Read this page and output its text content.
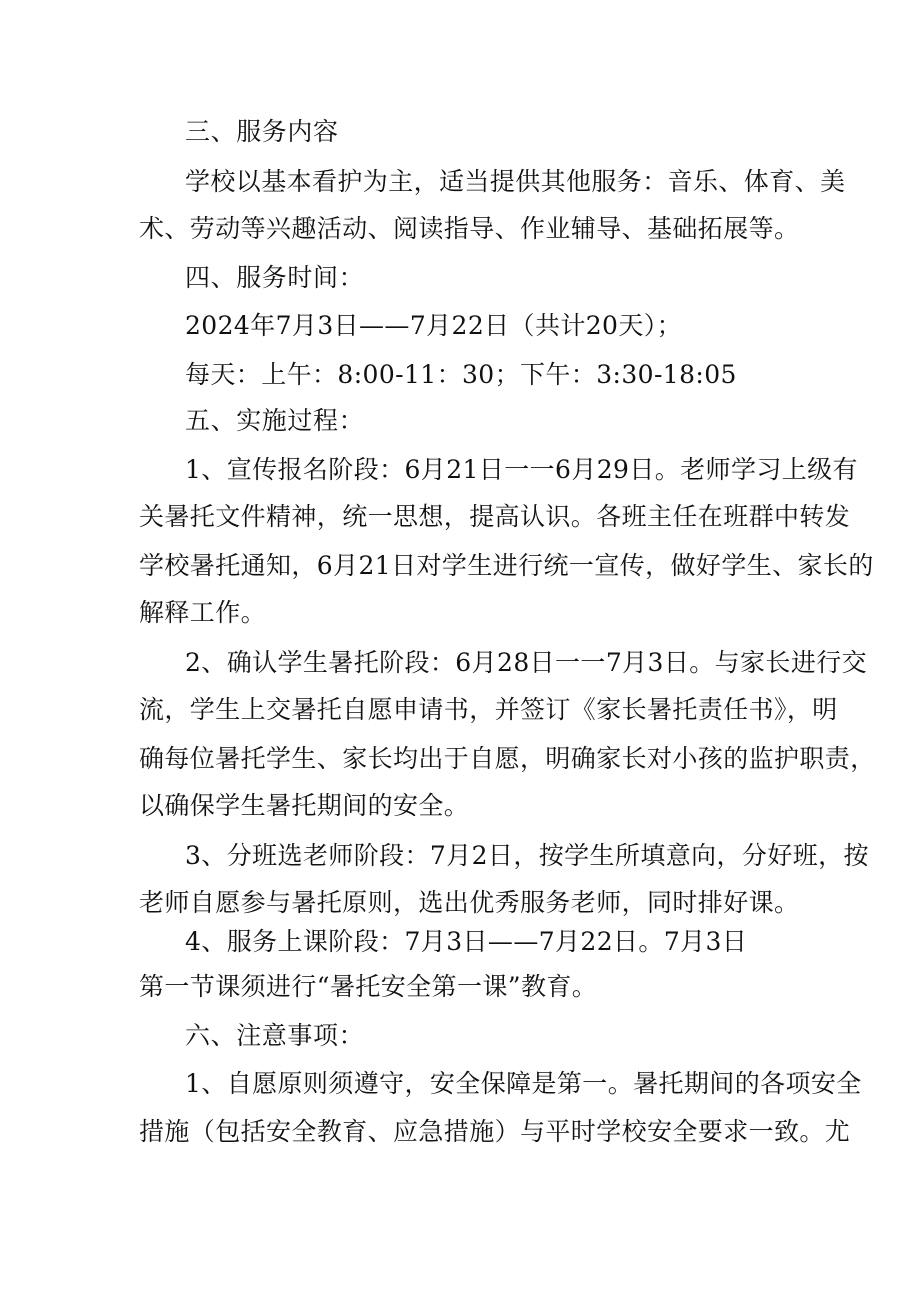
三、服务内容
学校以基本看护为主，适当提供其他服务：音乐、体育、美
术、劳动等兴趣活动、阅读指导、作业辅导、基础拓展等。
四、服务时间：
2024年7月3日——7月22日（共计20天）；
每天：上午：8:00-11：30；下午：3:30-18:05
五、实施过程：
1、宣传报名阶段：6月21日一一6月29日。老师学习上级有
关暑托文件精神，统一思想，提高认识。各班主任在班群中转发
学校暑托通知，6月21日对学生进行统一宣传，做好学生、家长的
解释工作。
2、确认学生暑托阶段：6月28日一一7月3日。与家长进行交
流，学生上交暑托自愿申请书，并签订《家长暑托责任书》，明
确每位暑托学生、家长均出于自愿，明确家长对小孩的监护职责，
以确保学生暑托期间的安全。
3、分班选老师阶段：7月2日，按学生所填意向，分好班，按
老师自愿参与暑托原则，选出优秀服务老师，同时排好课。
4、服务上课阶段：7月3日——7月22日。7月3日
第一节课须进行“暑托安全第一课”教育。
六、注意事项：
1、自愿原则须遵守，安全保障是第一。暑托期间的各项安全
措施（包括安全教育、应急措施）与平时学校安全要求一致。尤
